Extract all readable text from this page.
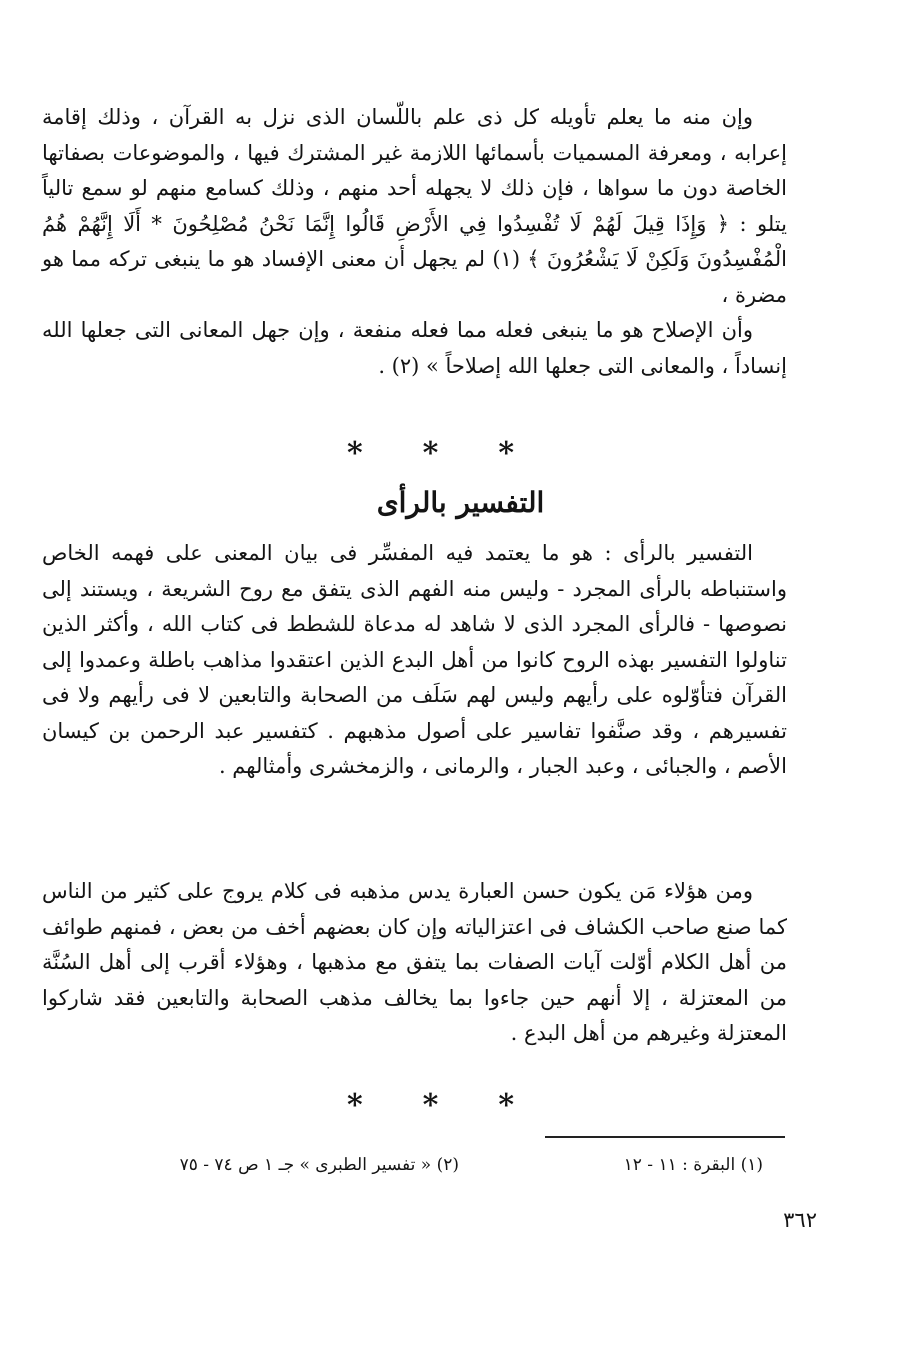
وإن منه ما يعلم تأويله كل ذى علم باللّسان الذى نزل به القرآن ، وذلك إقامة إعرابه ، ومعرفة المسميات بأسمائها اللازمة غير المشترك فيها ، والموضوعات بصفاتها الخاصة دون ما سواها ، فإن ذلك لا يجهله أحد منهم ، وذلك كسامع منهم لو سمع تالياً يتلو : ﴿ وَإِذَا قِيلَ لَهُمْ لَا تُفْسِدُوا فِي الأَرْضِ قَالُوا إِنَّمَا نَحْنُ مُصْلِحُونَ * أَلَا إِنَّهُمْ هُمُ الْمُفْسِدُونَ وَلَكِنْ لَا يَشْعُرُونَ ﴾ (١) لم يجهل أن معنى الإفساد هو ما ينبغى تركه مما هو مضرة ،

وأن الإصلاح هو ما ينبغى فعله مما فعله منفعة ، وإن جهل المعانى التى جعلها الله إنساداً ، والمعانى التى جعلها الله إصلاحاً » (٢) .

***
التفسير بالرأى

التفسير بالرأى : هو ما يعتمد فيه المفسِّر فى بيان المعنى على فهمه الخاص واستنباطه بالرأى المجرد - وليس منه الفهم الذى يتفق مع روح الشريعة ، ويستند إلى نصوصها - فالرأى المجرد الذى لا شاهد له مدعاة للشطط فى كتاب الله ، وأكثر الذين تناولوا التفسير بهذه الروح كانوا من أهل البدع الذين اعتقدوا مذاهب باطلة وعمدوا إلى القرآن فتأوّلوه على رأيهم وليس لهم سَلَف من الصحابة والتابعين لا فى رأيهم ولا فى تفسيرهم ، وقد صنَّفوا تفاسير على أصول مذهبهم . كتفسير عبد الرحمن بن كيسان الأصم ، والجبائى ، وعبد الجبار ، والرمانى ، والزمخشرى وأمثالهم .

ومن هؤلاء مَن يكون حسن العبارة يدس مذهبه فى كلام يروج على كثير من الناس كما صنع صاحب الكشاف فى اعتزالياته وإن كان بعضهم أخف من بعض ، فمنهم طوائف من أهل الكلام أوّلت آيات الصفات بما يتفق مع مذهبها ، وهؤلاء أقرب إلى أهل السُنَّة من المعتزلة ، إلا أنهم حين جاءوا بما يخالف مذهب الصحابة والتابعين فقد شاركوا المعتزلة وغيرهم من أهل البدع .

***
(١) البقرة : ١١ - ١٢
(٢) « تفسير الطبرى » جـ ١ ص ٧٤ - ٧٥
٣٦٢
